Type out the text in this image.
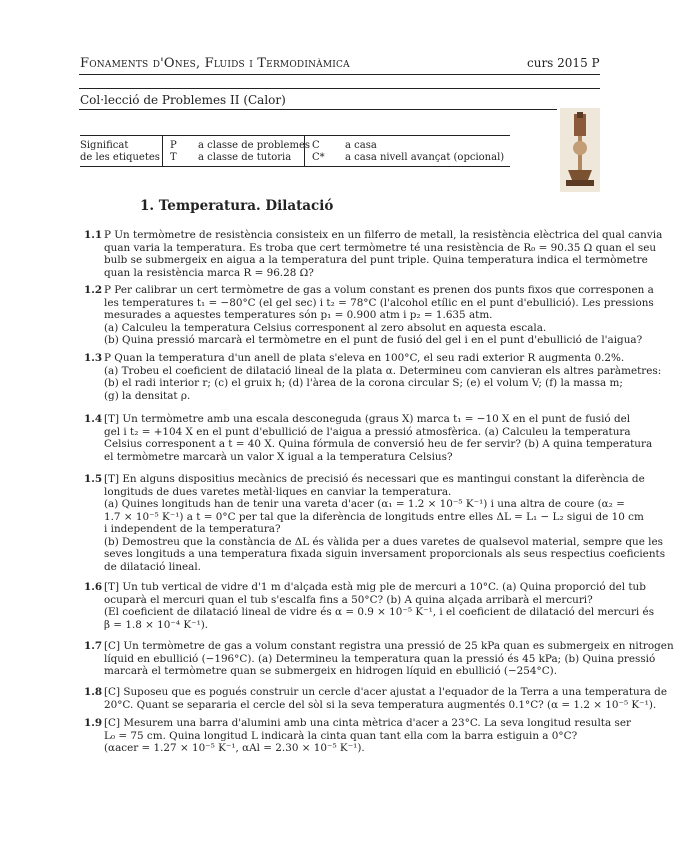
Fonaments d'Ones, Fluids i Termodinàmica	curs 2015 P
Col·lecció de Problemes II (Calor)
Significat
de les etiquetes
P a classe de problemes C	a casa
T a classe de tutoria C* a casa nivell avançat (opcional)
1. Temperatura. Dilatació
1.1 P Un termòmetre de resistència consisteix en un filferro de metall, la resistència elèctrica del qual canvia
quan varia la temperatura. Es troba que cert termòmetre té una resistència de R₀ = 90.35 Ω quan el seu
bulb se submergeix en aigua a la temperatura del punt triple. Quina temperatura indica el termòmetre
quan la resistència marca R = 96.28 Ω?
1.2 P Per calibrar un cert termòmetre de gas a volum constant es prenen dos punts fixos que corresponen a
les temperatures t₁ = −80°C (el gel sec) i t₂ = 78°C (l'alcohol etílic en el punt d'ebullició). Les pressions
mesurades a aquestes temperatures són p₁ = 0.900 atm i p₂ = 1.635 atm.
(a) Calculeu la temperatura Celsius corresponent al zero absolut en aquesta escala.
(b) Quina pressió marcarà el termòmetre en el punt de fusió del gel i en el punt d'ebullició de l'aigua?
1.3 P Quan la temperatura d'un anell de plata s'eleva en 100°C, el seu radi exterior R augmenta 0.2%.
(a) Trobeu el coeficient de dilatació lineal de la plata α. Determineu com canvieran els altres paràmetres:
(b) el radi interior r; (c) el gruix h; (d) l'àrea de la corona circular S; (e) el volum V; (f) la massa m;
(g) la densitat ρ.
1.4 [T] Un termòmetre amb una escala desconeguda (graus X) marca t₁ = −10 X en el punt de fusió del
gel i t₂ = +104 X en el punt d'ebullició de l'aigua a pressió atmosfèrica. (a) Calculeu la temperatura
Celsius corresponent a t = 40 X. Quina fórmula de conversió heu de fer servir? (b) A quina temperatura
el termòmetre marcarà un valor X igual a la temperatura Celsius?
1.5 [T] En alguns dispositius mecànics de precisió és necessari que es mantingui constant la diferència de
longituds de dues varetes metàl·liques en canviar la temperatura.
(a) Quines longituds han de tenir una vareta d'acer (α₁ = 1.2 × 10⁻⁵ K⁻¹) i una altra de coure (α₂ =
1.7 × 10⁻⁵ K⁻¹) a t = 0°C per tal que la diferència de longituds entre elles ΔL = L₁ − L₂ sigui de 10 cm
i independent de la temperatura?
(b) Demostreu que la constància de ΔL és vàlida per a dues varetes de qualsevol material, sempre que les
seves longituds a una temperatura fixada siguin inversament proporcionals als seus respectius coeficients
de dilatació lineal.
1.6 [T] Un tub vertical de vidre d'1 m d'alçada està mig ple de mercuri a 10°C. (a) Quina proporció del tub
ocuparà el mercuri quan el tub s'escalfa fins a 50°C? (b) A quina alçada arribarà el mercuri?
(El coeficient de dilatació lineal de vidre és α = 0.9 × 10⁻⁵ K⁻¹, i el coeficient de dilatació del mercuri és
β = 1.8 × 10⁻⁴ K⁻¹).
1.7 [C] Un termòmetre de gas a volum constant registra una pressió de 25 kPa quan es submergeix en nitrogen
líquid en ebullició (−196°C). (a) Determineu la temperatura quan la pressió és 45 kPa; (b) Quina pressió
marcarà el termòmetre quan se submergeix en hidrogen líquid en ebullició (−254°C).
1.8 [C] Suposeu que es pogués construir un cercle d'acer ajustat a l'equador de la Terra a una temperatura de
20°C. Quant se separaria el cercle del sòl si la seva temperatura augmentés 0.1°C? (α = 1.2 × 10⁻⁵ K⁻¹).
1.9 [C] Mesurem una barra d'alumini amb una cinta mètrica d'acer a 23°C. La seva longitud resulta ser
L₀ = 75 cm. Quina longitud L indicarà la cinta quan tant ella com la barra estiguin a 0°C?
(αacer = 1.27 × 10⁻⁵ K⁻¹, αAl = 2.30 × 10⁻⁵ K⁻¹).
